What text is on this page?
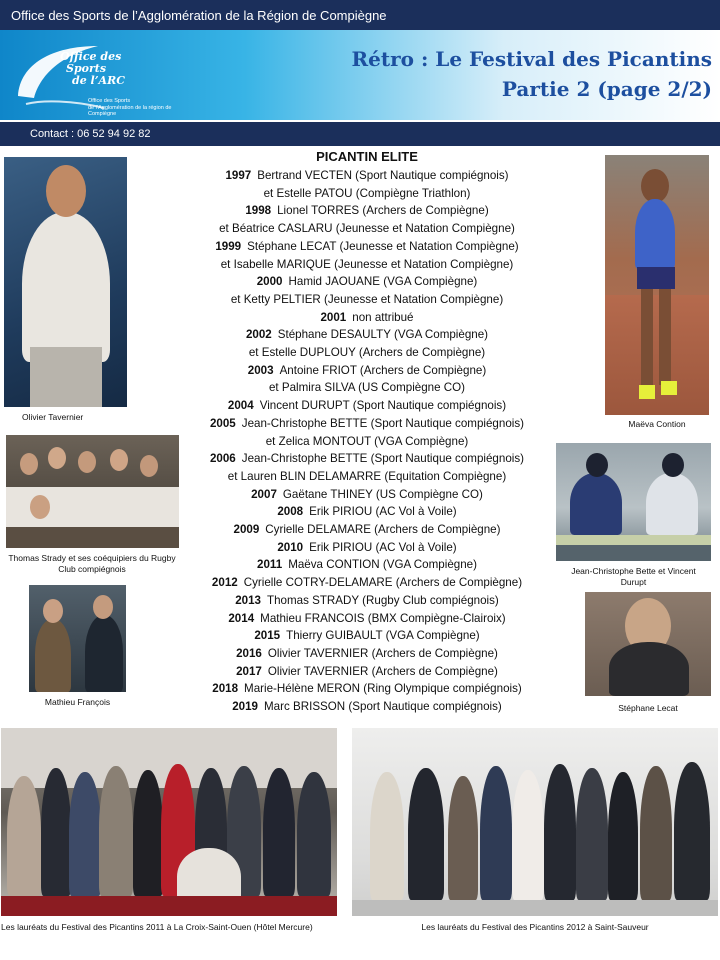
Office des Sports de l’Agglomération de la Région de Compiègne
Office des
Sports
de l’ARC
Office des Sports
de l’Agglomération de la région de Compiègne
Rétro : Le Festival des Picantins
Partie 2 (page 2/2)
Contact : 06 52 94 92 82
Olivier Tavernier
Thomas Strady et ses coéquipiers du Rugby Club compiégnois
Mathieu François
Maëva Contion
Jean-Christophe Bette et Vincent Durupt
Stéphane Lecat
PICANTIN ELITE
1997 Bertrand VECTEN (Sport Nautique compiégnois)
et Estelle PATOU (Compiègne Triathlon)
1998 Lionel TORRES (Archers de Compiègne)
et Béatrice CASLARU (Jeunesse et Natation Compiègne)
1999 Stéphane LECAT (Jeunesse et Natation Compiègne)
et Isabelle MARIQUE (Jeunesse et Natation Compiègne)
2000 Hamid JAOUANE (VGA Compiègne)
et Ketty PELTIER (Jeunesse et Natation Compiègne)
2001 non attribué
2002 Stéphane DESAULTY (VGA Compiègne)
et Estelle DUPLOUY (Archers de Compiègne)
2003 Antoine FRIOT (Archers de Compiègne)
et Palmira SILVA (US Compiègne CO)
2004 Vincent DURUPT (Sport Nautique compiégnois)
2005 Jean-Christophe BETTE (Sport Nautique compiégnois)
et Zelica MONTOUT (VGA Compiègne)
2006 Jean-Christophe BETTE (Sport Nautique compiégnois)
et Lauren BLIN DELAMARRE (Equitation Compiègne)
2007 Gaëtane THINEY (US Compiègne CO)
2008 Erik PIRIOU (AC Vol à Voile)
2009 Cyrielle DELAMARE (Archers de Compiègne)
2010 Erik PIRIOU (AC Vol à Voile)
2011 Maëva CONTION (VGA Compiègne)
2012 Cyrielle COTRY-DELAMARE (Archers de Compiègne)
2013 Thomas STRADY (Rugby Club compiégnois)
2014 Mathieu FRANCOIS (BMX Compiègne-Clairoix)
2015 Thierry GUIBAULT (VGA Compiègne)
2016 Olivier TAVERNIER (Archers de Compiègne)
2017 Olivier TAVERNIER (Archers de Compiègne)
2018 Marie-Hélène MERON (Ring Olympique compiégnois)
2019 Marc BRISSON (Sport Nautique compiégnois)
Les lauréats du Festival des Picantins 2011 à La Croix-Saint-Ouen (Hôtel Mercure)	Les lauréats du Festival des Picantins 2012 à Saint-Sauveur
